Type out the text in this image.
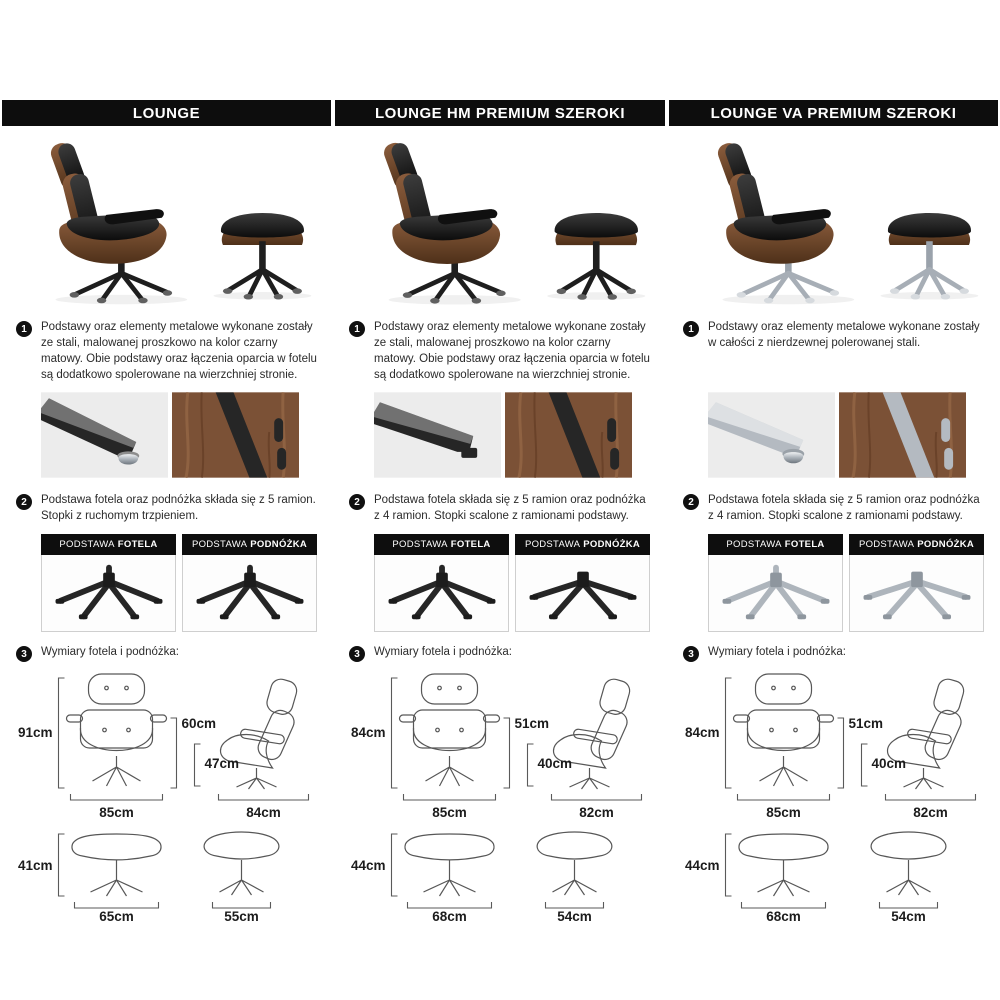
LOUNGE
1	Podstawy oraz elementy metalowe wykonane zostały ze stali, malowanej proszkowo na kolor czarny matowy. Obie podstawy oraz łączenia oparcia w fotelu są dodatkowo spolerowane na wierzchniej stronie.
2	Podstawa fotela oraz podnóżka składa się z 5 ramion. Stopki z ruchomym trzpieniem.
PODSTAWA FOTELA	PODSTAWA PODNÓŻKA
3	Wymiary fotela i podnóżka:
91cm
85cm
60cm
47cm
84cm
41cm
65cm	55cm
LOUNGE HM PREMIUM SZEROKI
1	Podstawy oraz elementy metalowe wykonane zostały ze stali, malowanej proszkowo na kolor czarny matowy. Obie podstawy oraz łączenia oparcia w fotelu są dodatkowo spolerowane na wierzchniej stronie.
2	Podstawa fotela składa się z 5 ramion oraz podnóżka z 4 ramion. Stopki scalone z ramionami podstawy.
PODSTAWA FOTELA	PODSTAWA PODNÓŻKA
3	Wymiary fotela i podnóżka:
84cm
85cm
51cm
40cm
82cm
44cm
68cm	54cm
LOUNGE VA PREMIUM SZEROKI
1	Podstawy oraz elementy metalowe wykonane zostały w całości z nierdzewnej polerowanej stali.
2	Podstawa fotela składa się z 5 ramion oraz podnóżka z 4 ramion. Stopki scalone z ramionami podstawy.
PODSTAWA FOTELA	PODSTAWA PODNÓŻKA
3	Wymiary fotela i podnóżka:
84cm
85cm
51cm
40cm
82cm
44cm
68cm	54cm
